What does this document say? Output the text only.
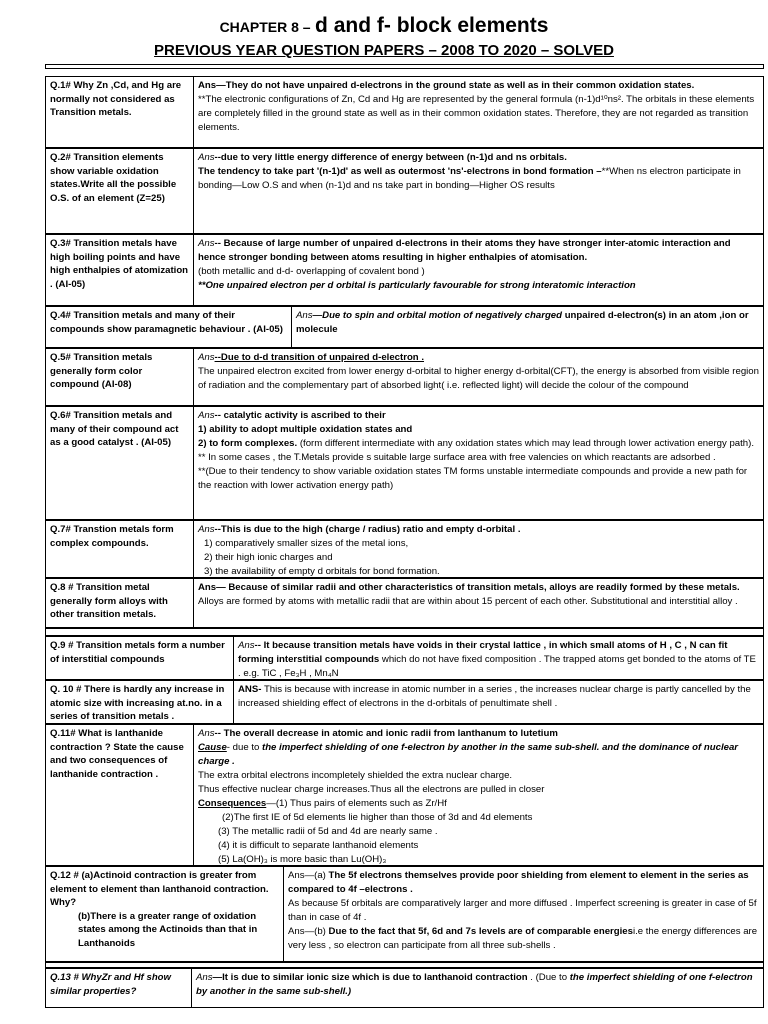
CHAPTER 8 – d and f- block elements
PREVIOUS YEAR QUESTION PAPERS – 2008 TO 2020 – SOLVED
Q.1# Why Zn ,Cd, and Hg are normally not considered as Transition metals.
Ans—They do not have unpaired d-electrons in the ground state as well as in their common oxidation states.
**The electronic configurations of Zn, Cd and Hg are represented by the general formula (n-1)d¹⁰ns². The orbitals in these elements are completely filled in the ground state as well as in their common oxidation states. Therefore, they are not regarded as transition elements.
Q.2# Transition elements show variable oxidation states.Write all the possible O.S. of an element (Z=25)
Ans--due to very little energy difference of energy between (n-1)d and ns orbitals.
The tendency to take part '(n-1)d' as well as outermost 'ns'-electrons in bond formation –**When ns electron participate in bonding—Low O.S and when (n-1)d and ns take part in bonding—Higher OS results
Q.3# Transition metals have high boiling points and have high enthalpies of atomization . (AI-05)
Ans-- Because of large number of unpaired d-electrons in their atoms they have stronger inter-atomic interaction and hence stronger bonding between atoms resulting in higher enthalpies of atomisation.
(both metallic and d-d- overlapping of covalent bond )
**One unpaired electron per d orbital is particularly favourable for strong interatomic interaction
Q.4# Transition metals and many of their compounds show paramagnetic behaviour . (AI-05)
Ans—Due to spin and orbital motion of negatively charged unpaired d-electron(s) in an atom ,ion or molecule
Q.5# Transition metals generally form color compound (AI-08)
Ans--Due to d-d transition of unpaired d-electron .
The unpaired electron excited from lower energy d-orbital to higher energy d-orbital(CFT), the energy is absorbed from visible region of radiation and the complementary part of absorbed light( i.e. reflected light) will decide the colour of the compound
Q.6# Transition metals and many of their compound act as a good catalyst . (AI-05)
Ans-- catalytic activity is ascribed to their
1) ability to adopt multiple oxidation states and
2) to form complexes. (form different intermediate with any oxidation states which may lead through lower activation energy path).
** In some cases , the T.Metals provide s suitable large surface area with free valencies on which reactants are adsorbed .
**(Due to their tendency to show variable oxidation states TM forms unstable intermediate compounds and provide a new path for the reaction with lower activation energy path)
Q.7# Transtion metals form complex compounds.
Ans--This is due to the high (charge / radius) ratio and empty d-orbital .
1) comparatively smaller sizes of the metal ions,
2) their high ionic charges and
3) the availability of empty d orbitals for bond formation.
Q.8 # Transition metal generally form alloys with other transition metals.
Ans— Because of similar radii and other characteristics of transition metals, alloys are readily formed by these metals. Alloys are formed by atoms with metallic radii that are within about 15 percent of each other. Substitutional and interstitial alloy .
Q.9 # Transition metals form a number of interstitial compounds
Ans-- It because transition metals have voids in their crystal lattice , in which small atoms of H , C , N can fit forming interstitial compounds which do not have fixed composition . The trapped atoms get bonded to the atoms of TE . e.g. TiC , Fe₃H , Mn₄N
Q. 10 # There is hardly any increase in atomic size with increasing at.no. in a series of transition metals .
ANS- This is because with increase in atomic number in a series , the increases nuclear charge is partly cancelled by the increased shielding effect of electrons in the d-orbitals of penultimate shell .
Q.11# What is lanthanide contraction ? State the cause and two consequences of lanthanide contraction .
Ans-- The overall decrease in atomic and ionic radii from lanthanum to lutetium
Cause- due to the imperfect shielding of one f-electron by another in the same sub-shell. and the dominance of nuclear charge .
The extra orbital electrons incompletely shielded the extra nuclear charge.
Thus effective nuclear charge increases.Thus all the electrons are pulled in closer
Consequences—(1) Thus pairs of elements such as Zr/Hf
(2)The first IE of 5d elements lie higher than those of 3d and 4d elements
(3) The metallic radii of 5d and 4d are nearly same .
(4) it is difficult to separate lanthanoid elements
(5) La(OH)₃ is more basic than Lu(OH)₃
Q.12 # (a)Actinoid contraction is greater from element to element than lanthanoid contraction. Why?
(b)There is a greater range of oxidation states among the Actinoids than that in Lanthanoids
Ans—(a) The 5f electrons themselves provide poor shielding from element to element in the series as compared to 4f –electrons .
As because 5f orbitals are comparatively larger and more diffused . Imperfect screening is greater in case of 5f than in case of 4f .
Ans—(b) Due to the fact that 5f, 6d and 7s levels are of comparable energiesi.e the energy differences are very less , so electron can participate from all three sub-shells .
Q.13 # WhyZr and Hf show similar properties?
Ans—It is due to similar ionic size which is due to lanthanoid contraction . (Due to the imperfect shielding of one f-electron by another in the same sub-shell.)
